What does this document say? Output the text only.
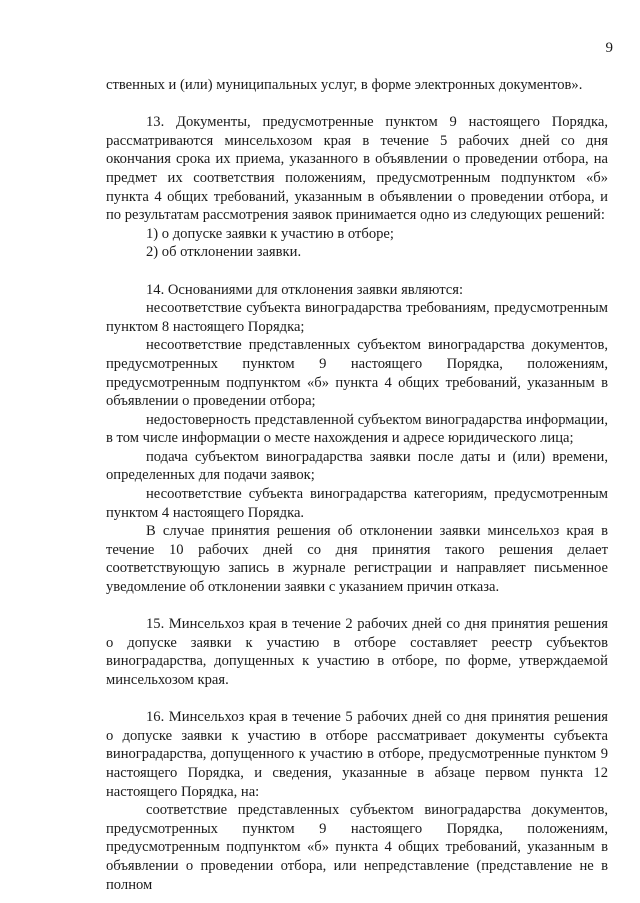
9

ственных и (или) муниципальных услуг, в форме электронных документов».

13. Документы, предусмотренные пунктом 9 настоящего Порядка, рассматриваются минсельхозом края в течение 5 рабочих дней со дня окончания срока их приема, указанного в объявлении о проведении отбора, на предмет их соответствия положениям, предусмотренным подпунктом «б» пункта 4 общих требований, указанным в объявлении о проведении отбора, и по результатам рассмотрения заявок принимается одно из следующих решений:

1) о допуске заявки к участию в отборе;

2) об отклонении заявки.

14. Основаниями для отклонения заявки являются:

несоответствие субъекта виноградарства требованиям, предусмотренным пунктом 8 настоящего Порядка;

несоответствие представленных субъектом виноградарства документов, предусмотренных пунктом 9 настоящего Порядка, положениям, предусмотренным подпунктом «б» пункта 4 общих требований, указанным в объявлении о проведении отбора;

недостоверность представленной субъектом виноградарства информации, в том числе информации о месте нахождения и адресе юридического лица;

подача субъектом виноградарства заявки после даты и (или) времени, определенных для подачи заявок;

несоответствие субъекта виноградарства категориям, предусмотренным пунктом 4 настоящего Порядка.

В случае принятия решения об отклонении заявки минсельхоз края в течение 10 рабочих дней со дня принятия такого решения делает соответствующую запись в журнале регистрации и направляет письменное уведомление об отклонении заявки с указанием причин отказа.

15. Минсельхоз края в течение 2 рабочих дней со дня принятия решения о допуске заявки к участию в отборе составляет реестр субъектов виноградарства, допущенных к участию в отборе, по форме, утверждаемой минсельхозом края.

16. Минсельхоз края в течение 5 рабочих дней со дня принятия решения о допуске заявки к участию в отборе рассматривает документы субъекта виноградарства, допущенного к участию в отборе, предусмотренные пунктом 9 настоящего Порядка, и сведения, указанные в абзаце первом пункта 12 настоящего Порядка, на:

соответствие представленных субъектом виноградарства документов, предусмотренных пунктом 9 настоящего Порядка, положениям, предусмотренным подпунктом «б» пункта 4 общих требований, указанным в объявлении о проведении отбора, или непредставление (представление не в полном
